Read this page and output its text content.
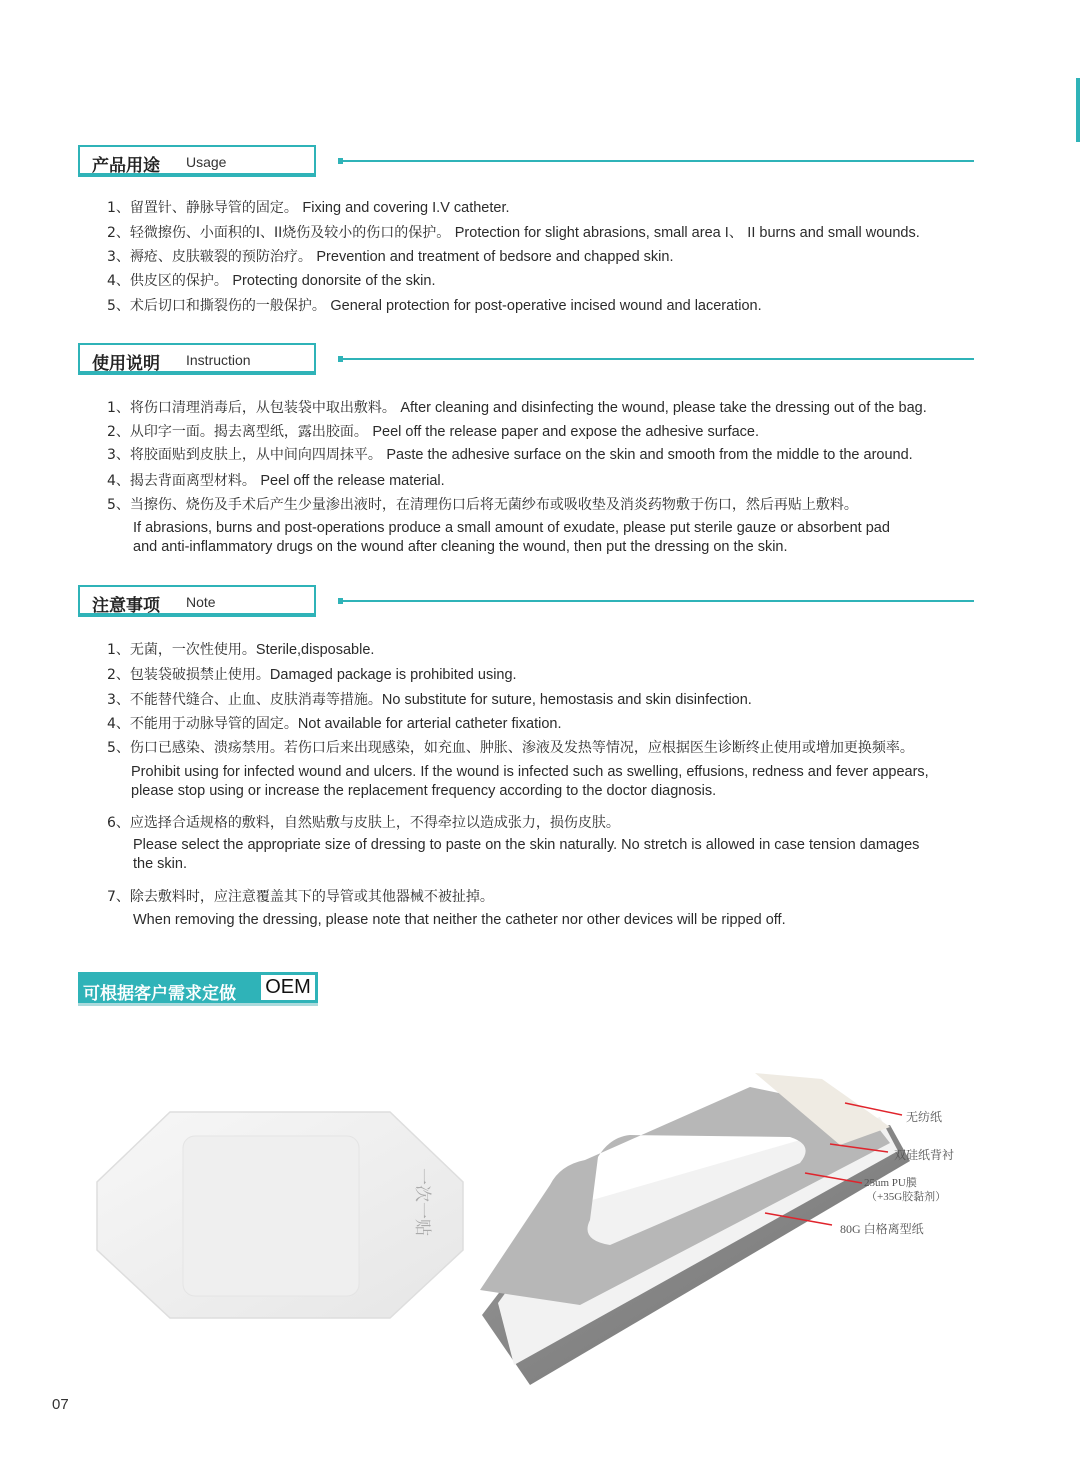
产品用途 Usage
1、留置针、静脉导管的固定。 Fixing and covering I.V catheter.
2、轻微擦伤、小面积的I、II烧伤及较小的伤口的保护。 Protection for slight abrasions, small area I、 II burns and small wounds.
3、褥疮、皮肤皲裂的预防治疗。 Prevention and treatment of bedsore and chapped skin.
4、供皮区的保护。 Protecting donorsite of the skin.
5、术后切口和撕裂伤的一般保护。 General protection for post-operative incised wound and laceration.
使用说明 Instruction
1、将伤口清理消毒后，从包装袋中取出敷料。 After cleaning and disinfecting the wound, please take the dressing out of the bag.
2、从印字一面。揭去离型纸，露出胶面。 Peel off the release paper and expose the adhesive surface.
3、将胶面贴到皮肤上，从中间向四周抹平。 Paste the adhesive surface on the skin and smooth from the middle to the around.
4、揭去背面离型材料。 Peel off the release material.
5、当擦伤、烧伤及手术后产生少量渗出液时，在清理伤口后将无菌纱布或吸收垫及消炎药物敷于伤口，然后再贴上敷料。
If abrasions, burns and post-operations produce a small amount of exudate, please put sterile gauze or absorbent pad
and anti-inflammatory drugs on the wound after cleaning the wound, then put the dressing on the skin.
注意事项 Note
1、无菌，一次性使用。Sterile,disposable.
2、包装袋破损禁止使用。Damaged package is prohibited using.
3、不能替代缝合、止血、皮肤消毒等措施。No substitute for suture, hemostasis and skin disinfection.
4、不能用于动脉导管的固定。Not available for arterial catheter fixation.
5、伤口已感染、溃疡禁用。若伤口后来出现感染，如充血、肿胀、渗液及发热等情况，应根据医生诊断终止使用或增加更换频率。
Prohibit using for infected wound and ulcers. If the wound is infected such as swelling, effusions, redness and fever appears,
please stop using or increase the replacement frequency according to the doctor diagnosis.
6、应选择合适规格的敷料，自然贴敷与皮肤上，不得牵拉以造成张力，损伤皮肤。
Please select the appropriate size of dressing to paste on the skin naturally. No stretch is allowed in case tension damages
the skin.
7、除去敷料时，应注意覆盖其下的导管或其他器械不被扯掉。
When removing the dressing, please note that neither the catheter nor other devices will be ripped off.
可根据客户需求定做 OEM
一次一贴
无纺纸
双硅纸背衬
25um PU膜
（+35G胶黏剂）
80G 白格离型纸
07
